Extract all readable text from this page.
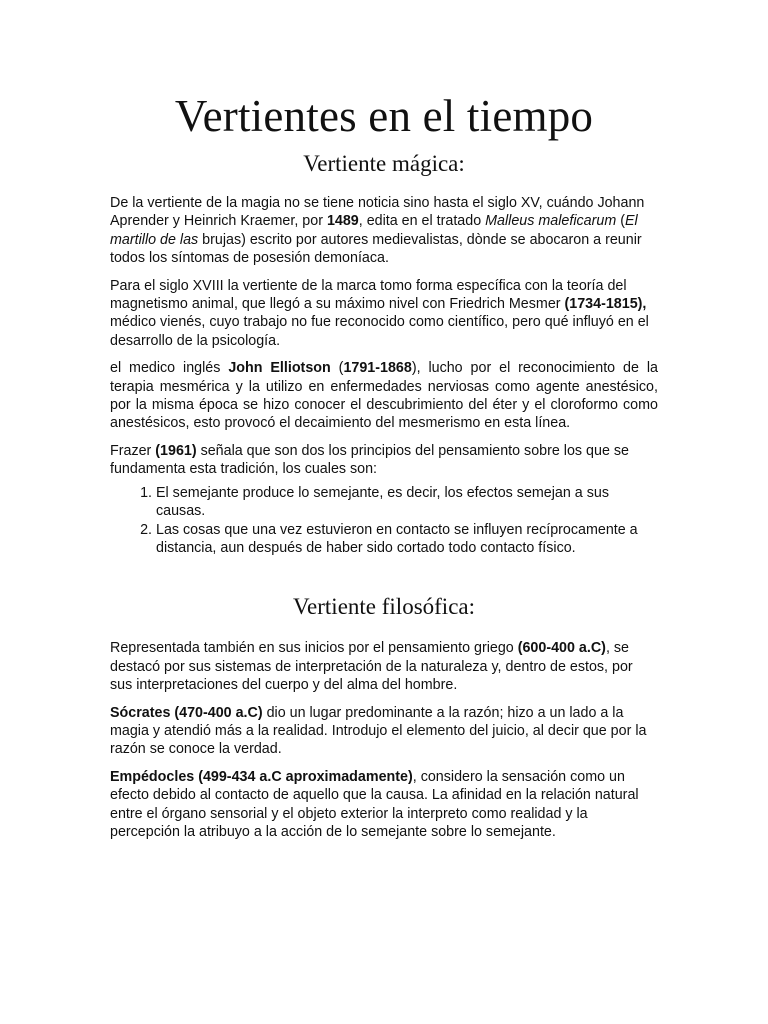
Vertientes en el tiempo
Vertiente mágica:

De la vertiente de la magia no se tiene noticia sino hasta el siglo XV, cuándo Johann Aprender y Heinrich Kraemer, por 1489, edita en el tratado Malleus maleficarum (El martillo de las brujas) escrito por autores medievalistas, dònde se abocaron a reunir todos los síntomas de posesión demoníaca.

Para el siglo XVIII la vertiente de la marca tomo forma específica con la teoría del magnetismo animal, que llegó a su máximo nivel con Friedrich Mesmer (1734-1815), médico vienés, cuyo trabajo no fue reconocido como científico, pero qué influyó en el desarrollo de la psicología.

el medico inglés John Elliotson (1791-1868), lucho por el reconocimiento de la terapia mesmérica y la utilizo en enfermedades nerviosas como agente anestésico, por la misma época se hizo conocer el descubrimiento del éter y el cloroformo como anestésicos, esto provocó el decaimiento del mesmerismo en esta línea.

Frazer (1961) señala que son dos los principios del pensamiento sobre los que se fundamenta esta tradición, los cuales son:

1. El semejante produce lo semejante, es decir, los efectos semejan a sus causas.
2. Las cosas que una vez estuvieron en contacto se influyen recíprocamente a distancia, aun después de haber sido cortado todo contacto físico.
Vertiente filosófica:

Representada también en sus inicios por el pensamiento griego (600-400 a.C), se destacó por sus sistemas de interpretación de la naturaleza y, dentro de estos, por sus interpretaciones del cuerpo y del alma del hombre.

Sócrates (470-400 a.C) dio un lugar predominante a la razón; hizo a un lado a la magia y atendió más a la realidad. Introdujo el elemento del juicio, al decir que por la razón se conoce la verdad.

Empédocles (499-434 a.C aproximadamente), considero la sensación como un efecto debido al contacto de aquello que la causa. La afinidad en la relación natural entre el órgano sensorial y el objeto exterior la interpreto como realidad y la percepción la atribuyo a la acción de lo semejante sobre lo semejante.
